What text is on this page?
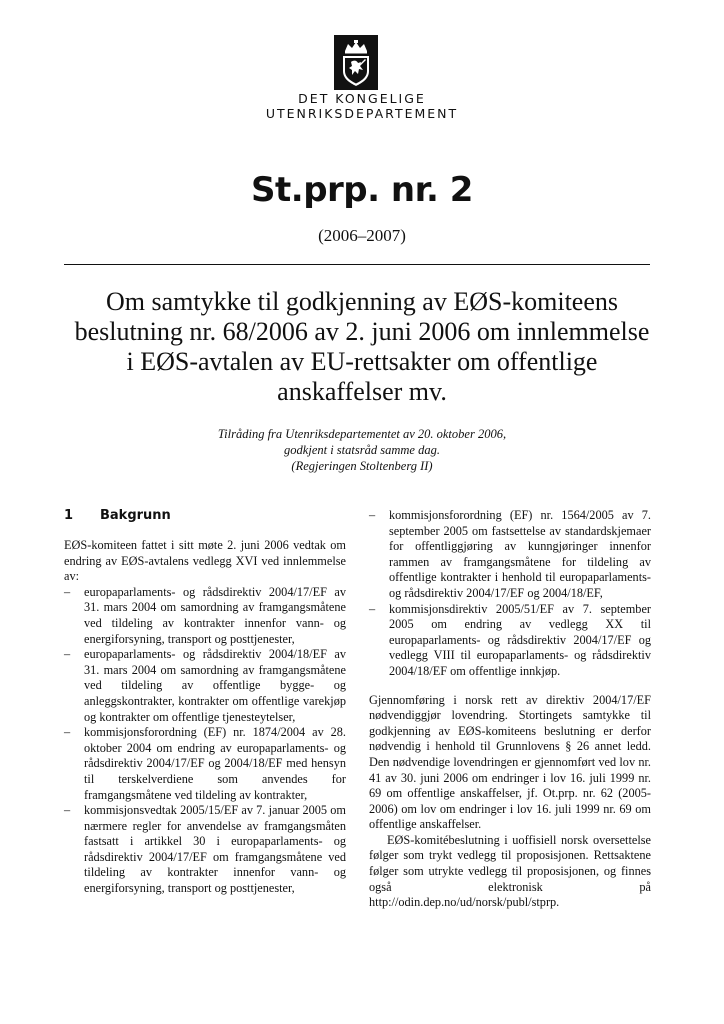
DET KONGELIGE
UTENRIKSDEPARTEMENT
St.prp. nr. 2
(2006–2007)
Om samtykke til godkjenning av EØS-komiteens beslutning nr. 68/2006 av 2. juni 2006 om innlemmelse i EØS-avtalen av EU-rettsakter om offentlige anskaffelser mv.
Tilråding fra Utenriksdepartementet av 20. oktober 2006,
godkjent i statsråd samme dag.
(Regjeringen Stoltenberg II)
1 Bakgrunn

EØS-komiteen fattet i sitt møte 2. juni 2006 vedtak om endring av EØS-avtalens vedlegg XVI ved innlemmelse av:

– europaparlaments- og rådsdirektiv 2004/17/EF av 31. mars 2004 om samordning av framgangsmåtene ved tildeling av kontrakter innenfor vann- og energiforsyning, transport og posttjenester,
– europaparlaments- og rådsdirektiv 2004/18/EF av 31. mars 2004 om samordning av framgangsmåtene ved tildeling av offentlige bygge- og anleggskontrakter, kontrakter om offentlige varekjøp og kontrakter om offentlige tjenesteytelser,
– kommisjonsforordning (EF) nr. 1874/2004 av 28. oktober 2004 om endring av europaparlaments- og rådsdirektiv 2004/17/EF og 2004/18/EF med hensyn til terskelverdiene som anvendes for framgangsmåtene ved tildeling av kontrakter,
– kommisjonsvedtak 2005/15/EF av 7. januar 2005 om nærmere regler for anvendelse av framgangsmåten fastsatt i artikkel 30 i europaparlaments- og rådsdirektiv 2004/17/EF om framgangsmåtene ved tildeling av kontrakter innenfor vann- og energiforsyning, transport og posttjenester,
– kommisjonsforordning (EF) nr. 1564/2005 av 7. september 2005 om fastsettelse av standardskjemaer for offentliggjøring av kunngjøringer innenfor rammen av framgangsmåtene for tildeling av offentlige kontrakter i henhold til europaparlaments- og rådsdirektiv 2004/17/EF og 2004/18/EF,
– kommisjonsdirektiv 2005/51/EF av 7. september 2005 om endring av vedlegg XX til europaparlaments- og rådsdirektiv 2004/17/EF og vedlegg VIII til europaparlaments- og rådsdirektiv 2004/18/EF om offentlige innkjøp.

Gjennomføring i norsk rett av direktiv 2004/17/EF nødvendiggjør lovendring. Stortingets samtykke til godkjenning av EØS-komiteens beslutning er derfor nødvendig i henhold til Grunnlovens § 26 annet ledd. Den nødvendige lovendringen er gjennomført ved lov nr. 41 av 30. juni 2006 om endringer i lov 16. juli 1999 nr. 69 om offentlige anskaffelser, jf. Ot.prp. nr. 62 (2005-2006) om lov om endringer i lov 16. juli 1999 nr. 69 om offentlige anskaffelser.

EØS-komitébeslutning i uoffisiell norsk oversettelse følger som trykt vedlegg til proposisjonen. Rettsaktene følger som utrykte vedlegg til proposisjonen, og finnes også elektronisk på http://odin.dep.no/ud/norsk/publ/stprp.
